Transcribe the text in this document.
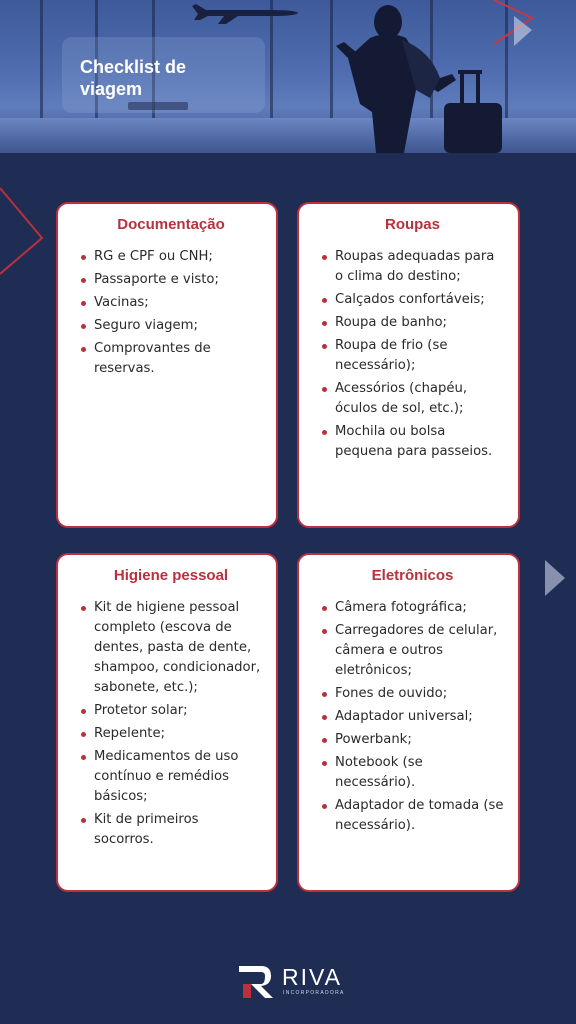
Checklist de
viagem
Documentação
RG e CPF ou CNH;
Passaporte e visto;
Vacinas;
Seguro viagem;
Comprovantes de reservas.
Roupas
Roupas adequadas para o clima do destino;
Calçados confortáveis;
Roupa de banho;
Roupa de frio (se necessário);
Acessórios (chapéu, óculos de sol, etc.);
Mochila ou bolsa pequena para passeios.
Higiene pessoal
Kit de higiene pessoal completo (escova de dentes, pasta de dente, shampoo, condicionador, sabonete, etc.);
Protetor solar;
Repelente;
Medicamentos de uso contínuo e remédios básicos;
Kit de primeiros socorros.
Eletrônicos
Câmera fotográfica;
Carregadores de celular, câmera e outros eletrônicos;
Fones de ouvido;
Adaptador universal;
Powerbank;
Notebook (se necessário).
Adaptador de tomada (se necessário).
RIVA
INCORPORADORA
